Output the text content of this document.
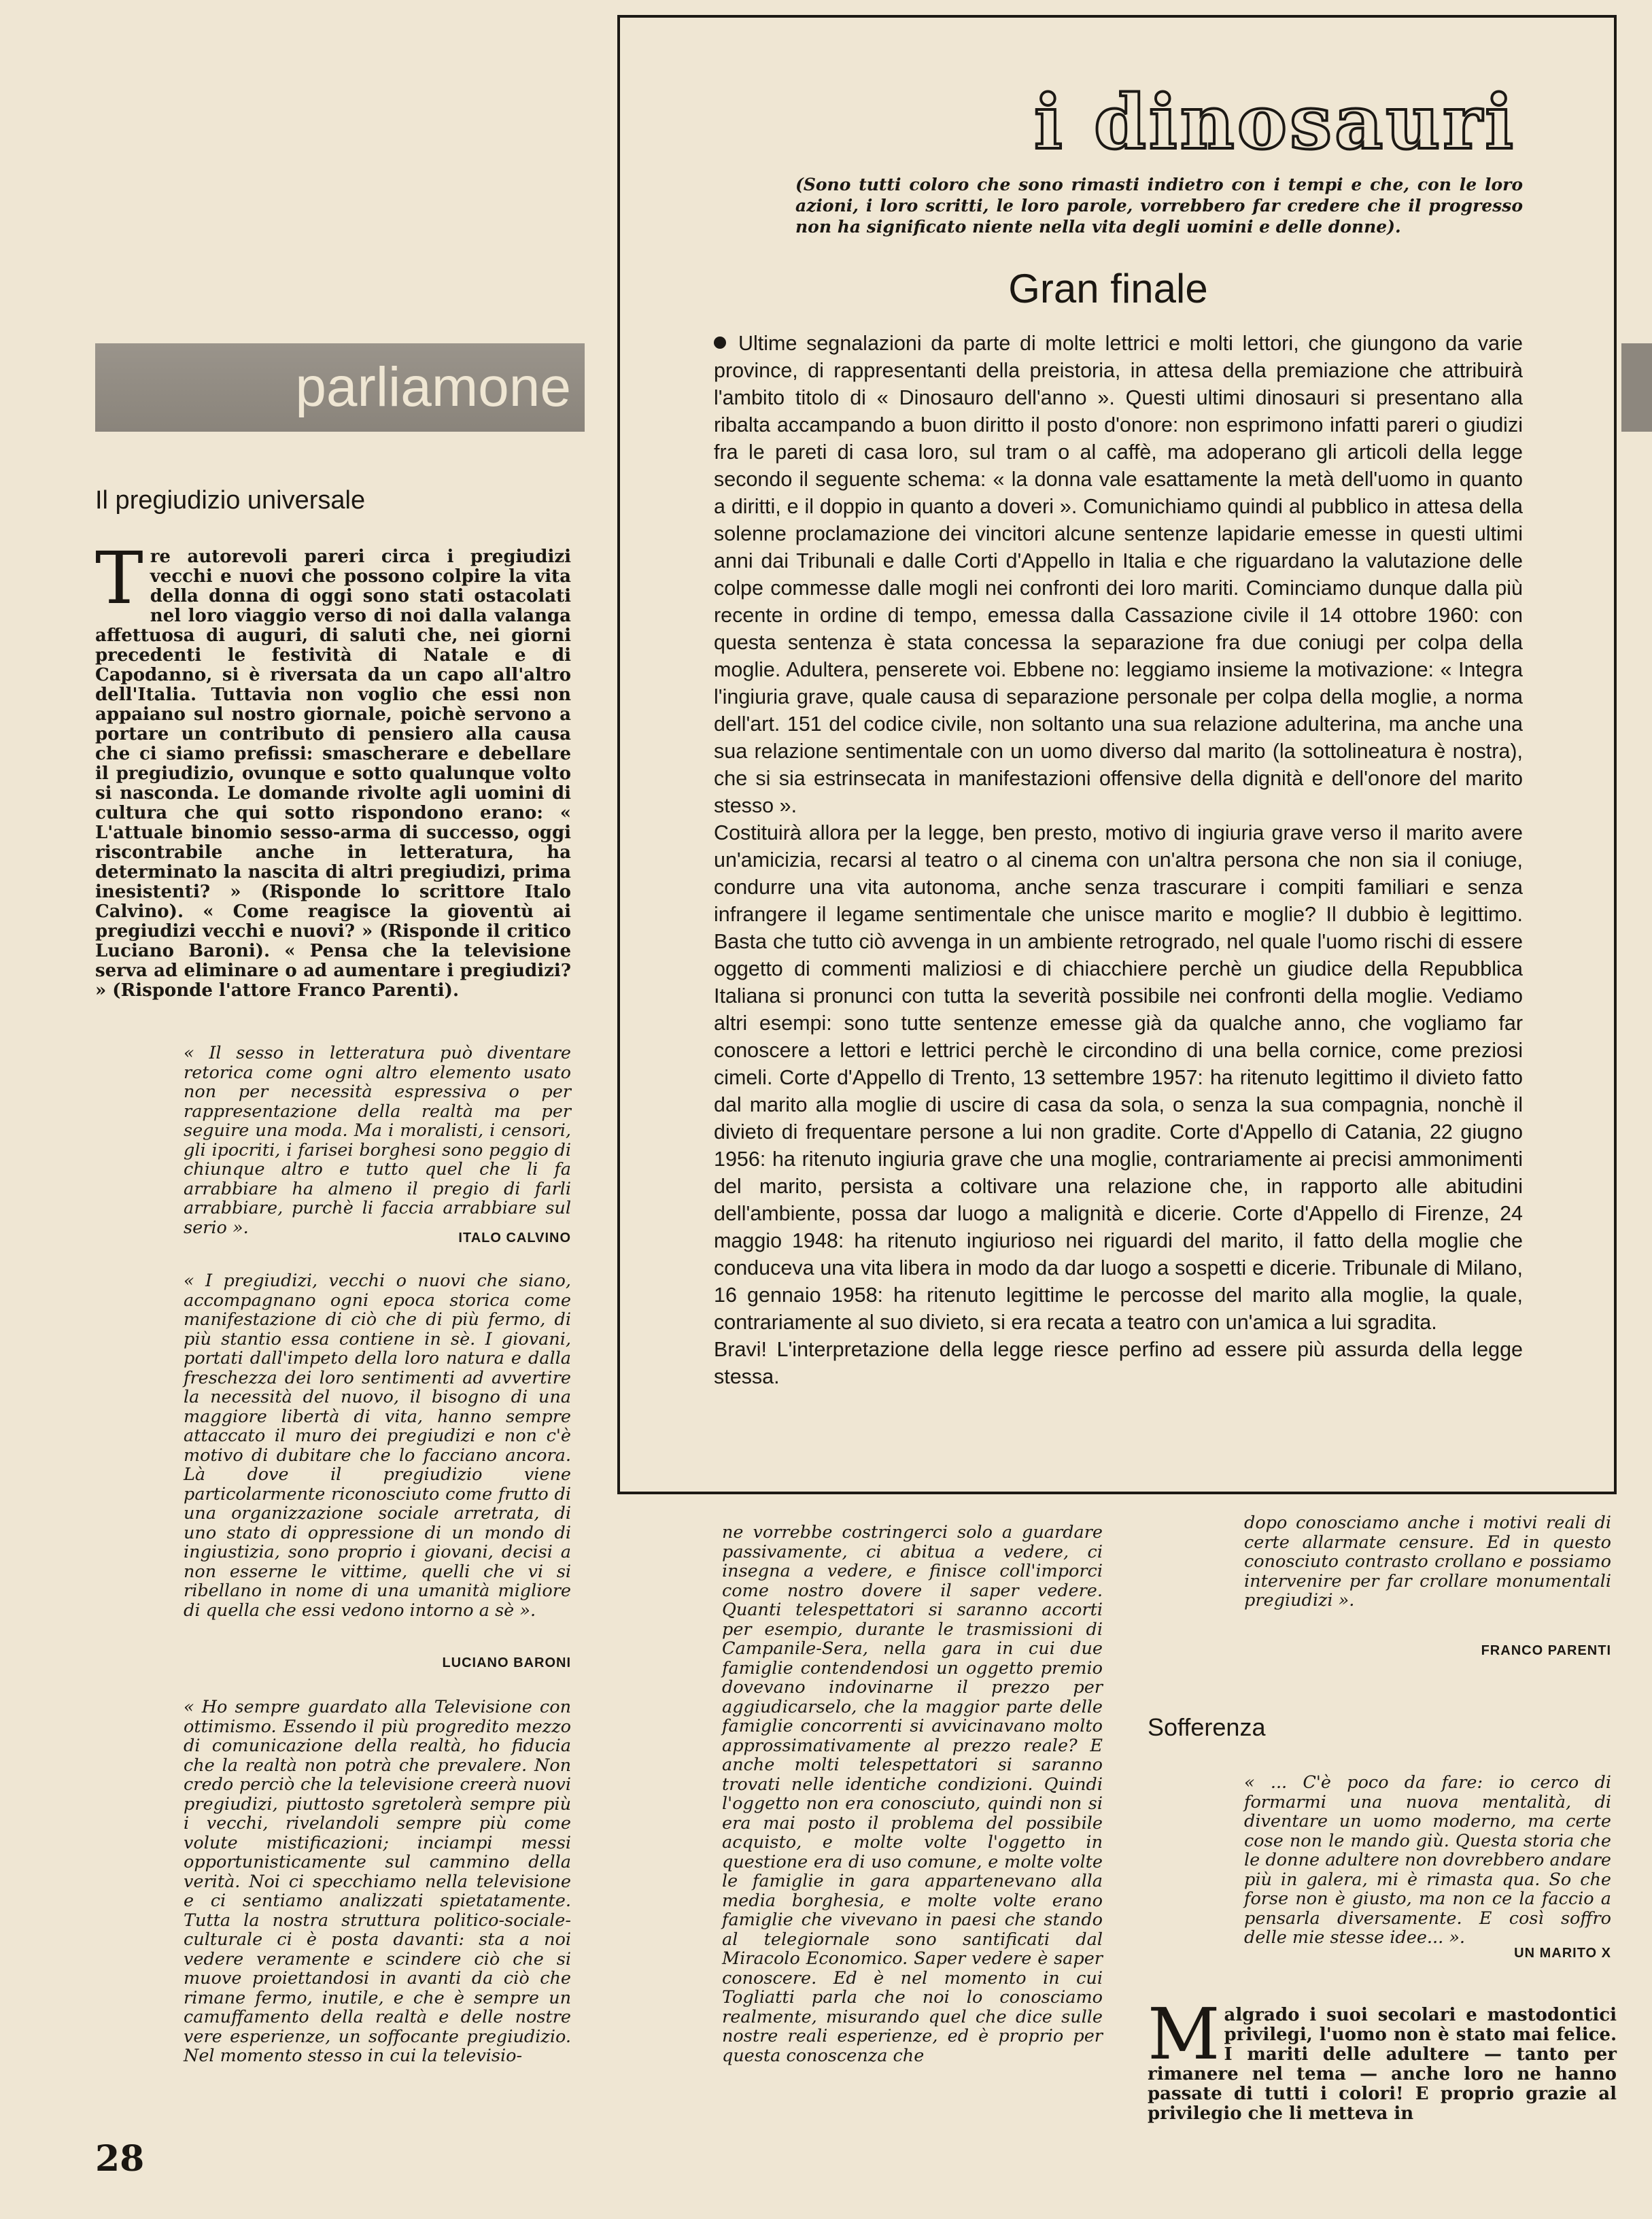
i dinosauri
(Sono tutti coloro che sono rimasti indietro con i tempi e che, con le loro azioni, i loro scritti, le loro parole, vorrebbero far credere che il progresso non ha significato niente nella vita degli uomini e delle donne).
Gran finale

Ultime segnalazioni da parte di molte lettrici e molti lettori, che giungono da varie province, di rappresentanti della preistoria, in attesa della premiazione che attribuirà l'ambito titolo di « Dinosauro dell'anno ». Questi ultimi dinosauri si presentano alla ribalta accampando a buon diritto il posto d'onore: non esprimono infatti pareri o giudizi fra le pareti di casa loro, sul tram o al caffè, ma adoperano gli articoli della legge secondo il seguente schema: « la donna vale esattamente la metà dell'uomo in quanto a diritti, e il doppio in quanto a doveri ». Comunichiamo quindi al pubblico in attesa della solenne proclamazione dei vincitori alcune sentenze lapidarie emesse in questi ultimi anni dai Tribunali e dalle Corti d'Appello in Italia e che riguardano la valutazione delle colpe commesse dalle mogli nei confronti dei loro mariti. Cominciamo dunque dalla più recente in ordine di tempo, emessa dalla Cassazione civile il 14 ottobre 1960: con questa sentenza è stata concessa la separazione fra due coniugi per colpa della moglie. Adultera, penserete voi. Ebbene no: leggiamo insieme la motivazione: « Integra l'ingiuria grave, quale causa di separazione personale per colpa della moglie, a norma dell'art. 151 del codice civile, non soltanto una sua relazione adulterina, ma anche una sua relazione sentimentale con un uomo diverso dal marito (la sottolineatura è nostra), che si sia estrinsecata in manifestazioni offensive della dignità e dell'onore del marito stesso ».

Costituirà allora per la legge, ben presto, motivo di ingiuria grave verso il marito avere un'amicizia, recarsi al teatro o al cinema con un'altra persona che non sia il coniuge, condurre una vita autonoma, anche senza trascurare i compiti familiari e senza infrangere il legame sentimentale che unisce marito e moglie? Il dubbio è legittimo. Basta che tutto ciò avvenga in un ambiente retrogrado, nel quale l'uomo rischi di essere oggetto di commenti maliziosi e di chiacchiere perchè un giudice della Repubblica Italiana si pronunci con tutta la severità possibile nei confronti della moglie. Vediamo altri esempi: sono tutte sentenze emesse già da qualche anno, che vogliamo far conoscere a lettori e lettrici perchè le circondino di una bella cornice, come preziosi cimeli. Corte d'Appello di Trento, 13 settembre 1957: ha ritenuto legittimo il divieto fatto dal marito alla moglie di uscire di casa da sola, o senza la sua compagnia, nonchè il divieto di frequentare persone a lui non gradite. Corte d'Appello di Catania, 22 giugno 1956: ha ritenuto ingiuria grave che una moglie, contrariamente ai precisi ammonimenti del marito, persista a coltivare una relazione che, in rapporto alle abitudini dell'ambiente, possa dar luogo a malignità e dicerie. Corte d'Appello di Firenze, 24 maggio 1948: ha ritenuto ingiurioso nei riguardi del marito, il fatto della moglie che conduceva una vita libera in modo da dar luogo a sospetti e dicerie. Tribunale di Milano, 16 gennaio 1958: ha ritenuto legittime le percosse del marito alla moglie, la quale, contrariamente al suo divieto, si era recata a teatro con un'amica a lui sgradita.

Bravi! L'interpretazione della legge riesce perfino ad essere più assurda della legge stessa.

parliamone
Il pregiudizio universale
Tre autorevoli pareri circa i pregiudizi vecchi e nuovi che possono colpire la vita della donna di oggi sono stati ostacolati nel loro viaggio verso di noi dalla valanga affettuosa di auguri, di saluti che, nei giorni precedenti le festività di Natale e di Capodanno, si è riversata da un capo all'altro dell'Italia. Tuttavia non voglio che essi non appaiano sul nostro giornale, poichè servono a portare un contributo di pensiero alla causa che ci siamo prefissi: smascherare e debellare il pregiudizio, ovunque e sotto qualunque volto si nasconda. Le domande rivolte agli uomini di cultura che qui sotto rispondono erano: « L'attuale binomio sesso-arma di successo, oggi riscontrabile anche in letteratura, ha determinato la nascita di altri pregiudizi, prima inesistenti? » (Risponde lo scrittore Italo Calvino). « Come reagisce la gioventù ai pregiudizi vecchi e nuovi? » (Risponde il critico Luciano Baroni). « Pensa che la televisione serva ad eliminare o ad aumentare i pregiudizi? » (Risponde l'attore Franco Parenti).
« Il sesso in letteratura può diventare retorica come ogni altro elemento usato non per necessità espressiva o per rappresentazione della realtà ma per seguire una moda. Ma i moralisti, i censori, gli ipocriti, i farisei borghesi sono peggio di chiunque altro e tutto quel che li fa arrabbiare ha almeno il pregio di farli arrabbiare, purchè li faccia arrabbiare sul serio ».
ITALO CALVINO
« I pregiudizi, vecchi o nuovi che siano, accompagnano ogni epoca storica come manifestazione di ciò che di più fermo, di più stantio essa contiene in sè. I giovani, portati dall'impeto della loro natura e dalla freschezza dei loro sentimenti ad avvertire la necessità del nuovo, il bisogno di una maggiore libertà di vita, hanno sempre attaccato il muro dei pregiudizi e non c'è motivo di dubitare che lo facciano ancora. Là dove il pregiudizio viene particolarmente riconosciuto come frutto di una organizzazione sociale arretrata, di uno stato di oppressione di un mondo di ingiustizia, sono proprio i giovani, decisi a non esserne le vittime, quelli che vi si ribellano in nome di una umanità migliore di quella che essi vedono intorno a sè ».
LUCIANO BARONI
« Ho sempre guardato alla Televisione con ottimismo. Essendo il più progredito mezzo di comunicazione della realtà, ho fiducia che la realtà non potrà che prevalere. Non credo perciò che la televisione creerà nuovi pregiudizi, piuttosto sgretolerà sempre più i vecchi, rivelandoli sempre più come volute mistificazioni; inciampi messi opportunisticamente sul cammino della verità. Noi ci specchiamo nella televisione e ci sentiamo analizzati spietatamente. Tutta la nostra struttura politico-sociale-culturale ci è posta davanti: sta a noi vedere veramente e scindere ciò che si muove proiettandosi in avanti da ciò che rimane fermo, inutile, e che è sempre un camuffamento della realtà e delle nostre vere esperienze, un soffocante pregiudizio. Nel momento stesso in cui la televisio-
ne vorrebbe costringerci solo a guardare passivamente, ci abitua a vedere, ci insegna a vedere, e finisce coll'imporci come nostro dovere il saper vedere. Quanti telespettatori si saranno accorti per esempio, durante le trasmissioni di Campanile-Sera, nella gara in cui due famiglie contendendosi un oggetto premio dovevano indovinarne il prezzo per aggiudicarselo, che la maggior parte delle famiglie concorrenti si avvicinavano molto approssimativamente al prezzo reale? E anche molti telespettatori si saranno trovati nelle identiche condizioni. Quindi l'oggetto non era conosciuto, quindi non si era mai posto il problema del possibile acquisto, e molte volte l'oggetto in questione era di uso comune, e molte volte le famiglie in gara appartenevano alla media borghesia, e molte volte erano famiglie che vivevano in paesi che stando al telegiornale sono santificati dal Miracolo Economico. Saper vedere è saper conoscere. Ed è nel momento in cui Togliatti parla che noi lo conosciamo realmente, misurando quel che dice sulle nostre reali esperienze, ed è proprio per questa conoscenza che
dopo conosciamo anche i motivi reali di certe allarmate censure. Ed in questo conosciuto contrasto crollano e possiamo intervenire per far crollare monumentali pregiudizi ».
FRANCO PARENTI
Sofferenza
« ... C'è poco da fare: io cerco di formarmi una nuova mentalità, di diventare un uomo moderno, ma certe cose non le mando giù. Questa storia che le donne adultere non dovrebbero andare più in galera, mi è rimasta qua. So che forse non è giusto, ma non ce la faccio a pensarla diversamente. E così soffro delle mie stesse idee... ».
UN MARITO X
Malgrado i suoi secolari e mastodontici privilegi, l'uomo non è stato mai felice. I mariti delle adultere — tanto per rimanere nel tema — anche loro ne hanno passate di tutti i colori! E proprio grazie al privilegio che li metteva in
28
